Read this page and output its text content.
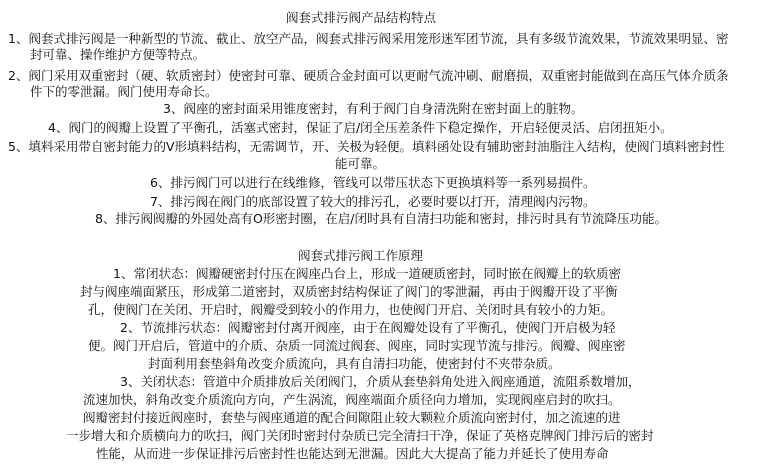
阀套式排污阀产品结构特点
1、阀套式排污阀是一种新型的节流、截止、放空产品，阀套式排污阀采用笼形迷军团节流，具有多级节流效果，节流效果明显、密
封可靠、操作维护方便等特点。
2、阀门采用双重密封（硬、软质密封）使密封可靠、硬质合金封面可以更耐气流冲刷、耐磨损，双重密封能做到在高压气体介质条
件下的零泄漏。阀门使用寿命长。
3、阀座的密封面采用锥度密封，有利于阀门自身清洗附在密封面上的脏物。
4、阀门的阀瓣上设置了平衡孔，活塞式密封，保证了启/闭全压差条件下稳定操作，开启轻便灵活、启闭扭矩小。
5、填料采用带自密封能力的V形填料结构，无需调节，开、关极为轻便。填料函处设有辅助密封油脂注入结构，使阀门填料密封性
能可靠。
6、排污阀门可以进行在线维修，管线可以带压状态下更换填料等一系列易损件。
7、排污阀在阀门的底部设置了较大的排污孔，必要时要以打开，清理阀内污物。
8、排污阀阀瓣的外园处高有O形密封圈，在启/闭时具有自清扫功能和密封，排污时具有节流降压功能。
阀套式排污阀工作原理
1、常闭状态：阀瓣硬密封付压在阀座凸台上，形成一道硬质密封，同时嵌在阀瓣上的软质密
封与阀座端面紧压，形成第二道密封，双质密封结构保证了阀门的零泄漏，再由于阀瓣开设了平衡
孔，使阀门在关闭、开启时，阀瓣受到较小的作用力，也使阀门开启、关闭时具有较小的力矩。
2、节流排污状态：阀瓣密封付离开阀座，由于在阀瓣处设有了平衡孔，使阀门开启极为轻
便。阀门开启后，管道中的介质、杂质一同流过阀套、阀座，同时实现节流与排污。阀瓣、阀座密
封面利用套垫斜角改变介质流向，具有自清扫功能，使密封付不夹带杂质。
3、关闭状态：管道中介质排放后关闭阀门，介质从套垫斜角处进入阀座通道，流阻系数增加，
流速加快，斜角改变介质流向方向，产生涡流，阀座端面介质径向力增加，实现阀座启封的吹扫。
阀瓣密封付接近阀座时，套垫与阀座通道的配合间隙阻止较大颗粒介质流向密封付，加之流速的进
一步增大和介质横向力的吹扫，阀门关闭时密封付杂质已完全清扫干净，保证了英格克牌阀门排污后的密封
性能，从而进一步保证排污后密封性也能达到无泄漏。因此大大提高了能力并延长了使用寿命
